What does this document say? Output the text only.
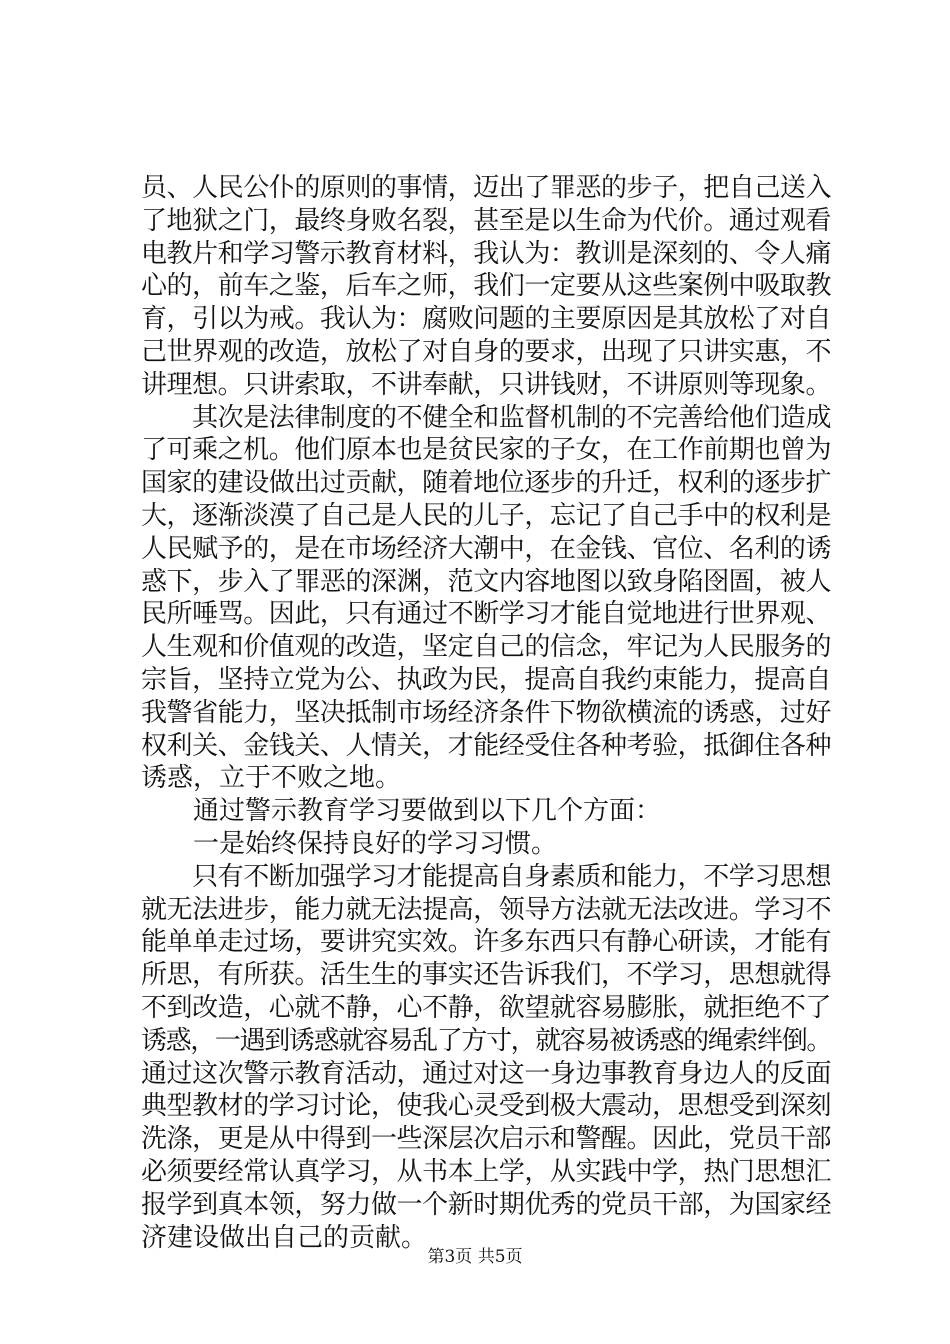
员、人民公仆的原则的事情，迈出了罪恶的步子，把自己送入
了地狱之门，最终身败名裂，甚至是以生命为代价。通过观看
电教片和学习警示教育材料，我认为：教训是深刻的、令人痛
心的，前车之鉴，后车之师，我们一定要从这些案例中吸取教
育，引以为戒。我认为：腐败问题的主要原因是其放松了对自
己世界观的改造，放松了对自身的要求，出现了只讲实惠，不
讲理想。只讲索取，不讲奉献，只讲钱财，不讲原则等现象。
　　其次是法律制度的不健全和监督机制的不完善给他们造成
了可乘之机。他们原本也是贫民家的子女，在工作前期也曾为
国家的建设做出过贡献，随着地位逐步的升迁，权利的逐步扩
大，逐渐淡漠了自己是人民的儿子，忘记了自己手中的权利是
人民赋予的，是在市场经济大潮中，在金钱、官位、名利的诱
惑下，步入了罪恶的深渊，范文内容地图以致身陷囹圄，被人
民所唾骂。因此，只有通过不断学习才能自觉地进行世界观、
人生观和价值观的改造，坚定自己的信念，牢记为人民服务的
宗旨，坚持立党为公、执政为民，提高自我约束能力，提高自
我警省能力，坚决抵制市场经济条件下物欲横流的诱惑，过好
权利关、金钱关、人情关，才能经受住各种考验，抵御住各种
诱惑，立于不败之地。
　　通过警示教育学习要做到以下几个方面：
　　一是始终保持良好的学习习惯。
　　只有不断加强学习才能提高自身素质和能力，不学习思想
就无法进步，能力就无法提高，领导方法就无法改进。学习不
能单单走过场，要讲究实效。许多东西只有静心研读，才能有
所思，有所获。活生生的事实还告诉我们，不学习，思想就得
不到改造，心就不静，心不静，欲望就容易膨胀，就拒绝不了
诱惑，一遇到诱惑就容易乱了方寸，就容易被诱惑的绳索绊倒。
通过这次警示教育活动，通过对这一身边事教育身边人的反面
典型教材的学习讨论，使我心灵受到极大震动，思想受到深刻
洗涤，更是从中得到一些深层次启示和警醒。因此，党员干部
必须要经常认真学习，从书本上学，从实践中学，热门思想汇
报学到真本领，努力做一个新时期优秀的党员干部，为国家经
济建设做出自己的贡献。
第3页 共5页
